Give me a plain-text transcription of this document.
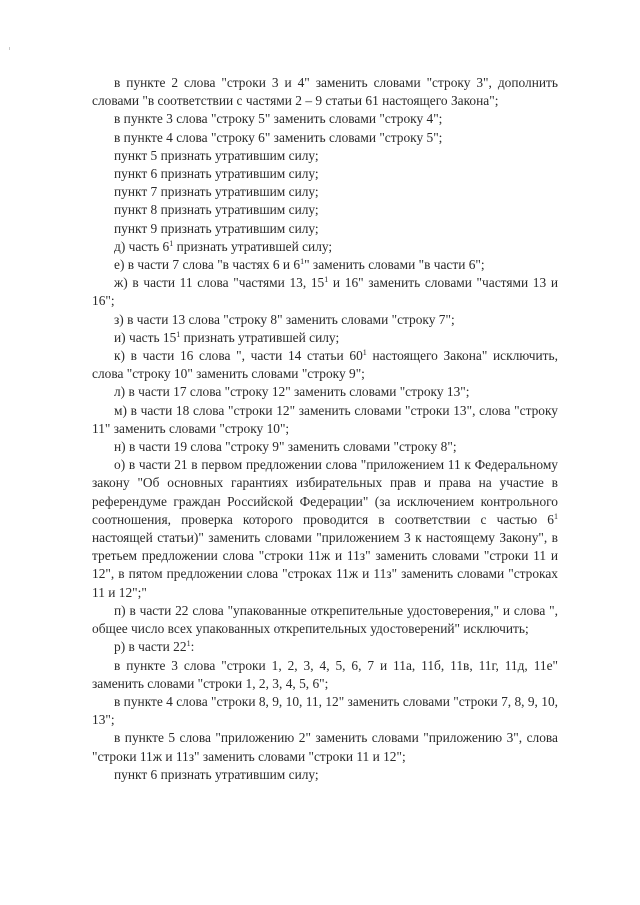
в пункте 2 слова "строки 3 и 4" заменить словами "строку 3", дополнить словами "в соответствии с частями 2 – 9 статьи 61 настоящего Закона";

в пункте 3 слова "строку 5" заменить словами "строку 4";

в пункте 4 слова "строку 6" заменить словами "строку 5";

пункт 5 признать утратившим силу;

пункт 6 признать утратившим силу;

пункт 7 признать утратившим силу;

пункт 8 признать утратившим силу;

пункт 9 признать утратившим силу;

д) часть $6^1$ признать утратившей силу;

е) в части 7 слова "в частях 6 и $6^1$" заменить словами "в части 6";

ж) в части 11 слова "частями 13, $15^1$ и 16" заменить словами "частями 13 и 16";

з) в части 13 слова "строку 8" заменить словами "строку 7";

и) часть $15^1$ признать утратившей силу;

к) в части 16 слова ", части 14 статьи $60^1$ настоящего Закона" исключить, слова "строку 10" заменить словами "строку 9";

л) в части 17 слова "строку 12" заменить словами "строку 13";

м) в части 18 слова "строки 12" заменить словами "строки 13", слова "строку 11" заменить словами "строку 10";

н) в части 19 слова "строку 9" заменить словами "строку 8";

о) в части 21 в первом предложении слова "приложением 11 к Федеральному закону "Об основных гарантиях избирательных прав и права на участие в референдуме граждан Российской Федерации" (за исключением контрольного соотношения, проверка которого проводится в соответствии с частью $6^1$ настоящей статьи)" заменить словами "приложением 3 к настоящему Закону", в третьем предложении слова "строки 11ж и 11з" заменить словами "строки 11 и 12", в пятом предложении слова "строках 11ж и 11з" заменить словами "строках 11 и 12";"

п) в части 22 слова "упакованные открепительные удостоверения," и слова ", общее число всех упакованных открепительных удостоверений" исключить;

р) в части $22^1$:

в пункте 3 слова "строки 1, 2, 3, 4, 5, 6, 7 и 11а, 11б, 11в, 11г, 11д, 11е" заменить словами "строки 1, 2, 3, 4, 5, 6";

в пункте 4 слова "строки 8, 9, 10, 11, 12" заменить словами "строки 7, 8, 9, 10, 13";

в пункте 5 слова "приложению 2" заменить словами "приложению 3", слова "строки 11ж и 11з" заменить словами "строки 11 и 12";

пункт 6 признать утратившим силу;
